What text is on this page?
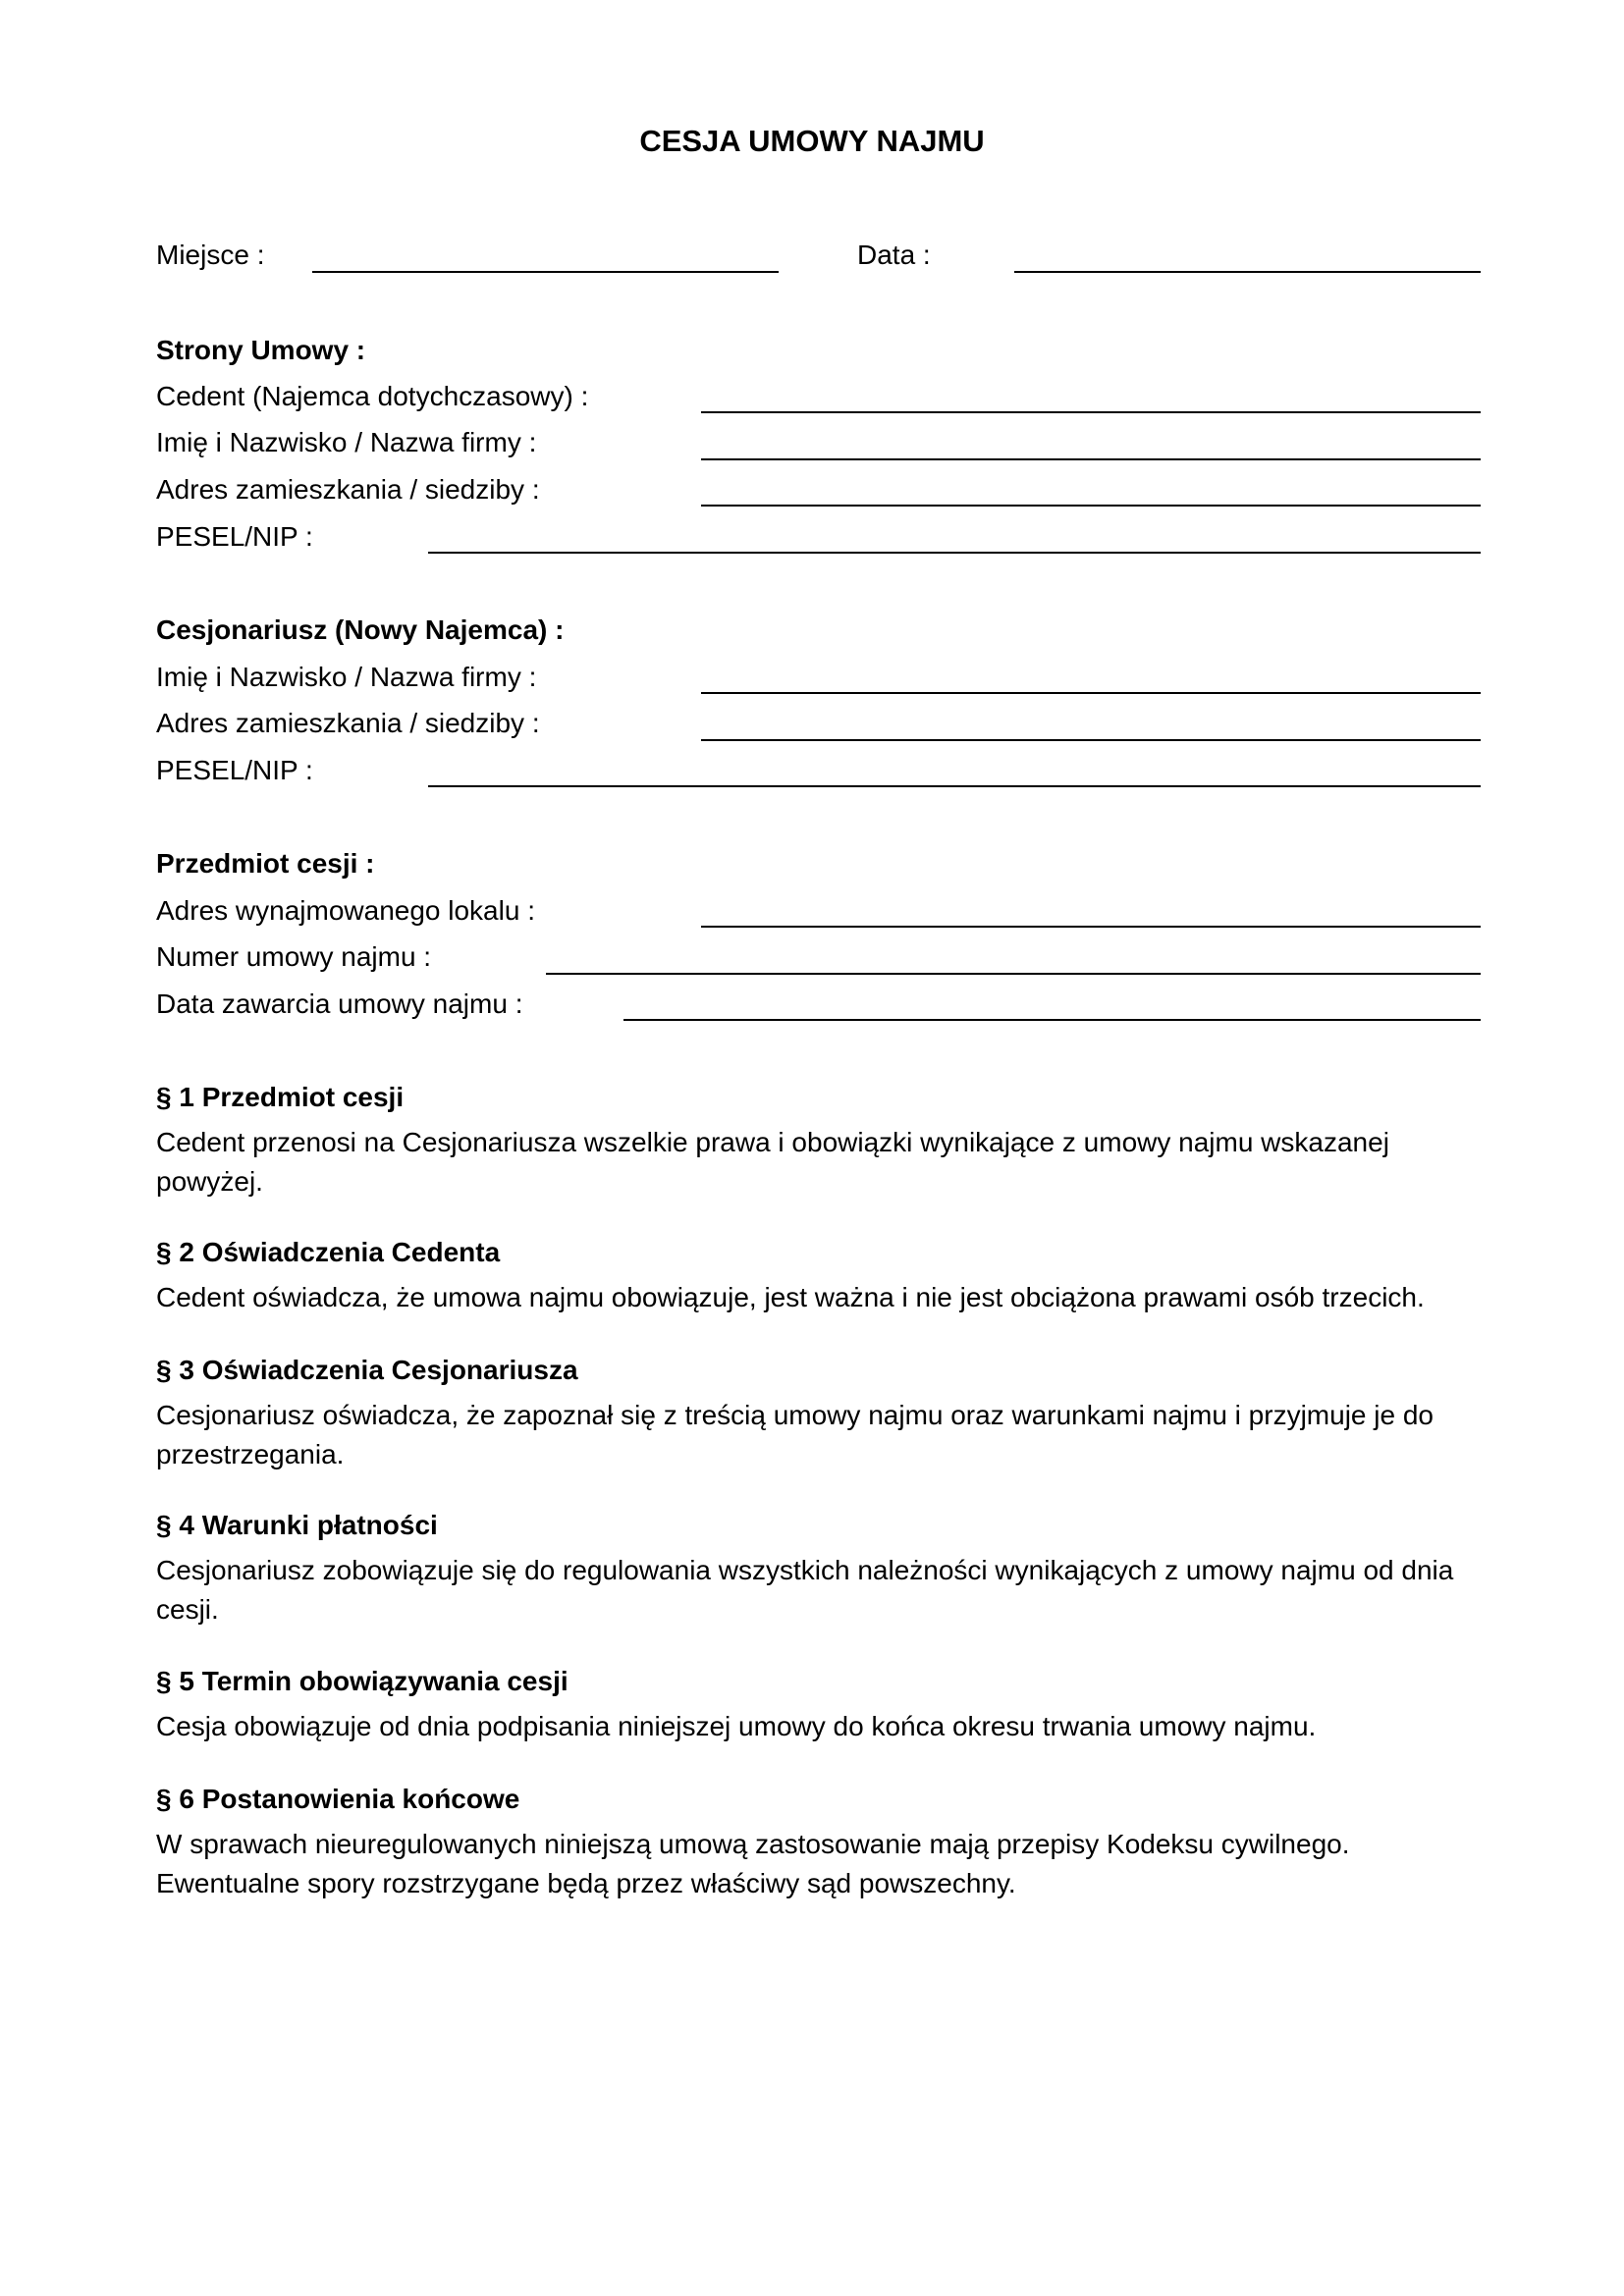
CESJA UMOWY NAJMU
Miejsce :	Data :
Strony Umowy :
Cedent (Najemca dotychczasowy) :
Imię i Nazwisko / Nazwa firmy :
Adres zamieszkania / siedziby :
PESEL/NIP :
Cesjonariusz (Nowy Najemca) :
Imię i Nazwisko / Nazwa firmy :
Adres zamieszkania / siedziby :
PESEL/NIP :
Przedmiot cesji :
Adres wynajmowanego lokalu :
Numer umowy najmu :
Data zawarcia umowy najmu :
§ 1 Przedmiot cesji
Cedent przenosi na Cesjonariusza wszelkie prawa i obowiązki wynikające z umowy najmu wskazanej powyżej.
§ 2 Oświadczenia Cedenta
Cedent oświadcza, że umowa najmu obowiązuje, jest ważna i nie jest obciążona prawami osób trzecich.
§ 3 Oświadczenia Cesjonariusza
Cesjonariusz oświadcza, że zapoznał się z treścią umowy najmu oraz warunkami najmu i przyjmuje je do przestrzegania.
§ 4 Warunki płatności
Cesjonariusz zobowiązuje się do regulowania wszystkich należności wynikających z umowy najmu od dnia cesji.
§ 5 Termin obowiązywania cesji
Cesja obowiązuje od dnia podpisania niniejszej umowy do końca okresu trwania umowy najmu.
§ 6 Postanowienia końcowe
W sprawach nieuregulowanych niniejszą umową zastosowanie mają przepisy Kodeksu cywilnego. Ewentualne spory rozstrzygane będą przez właściwy sąd powszechny.
